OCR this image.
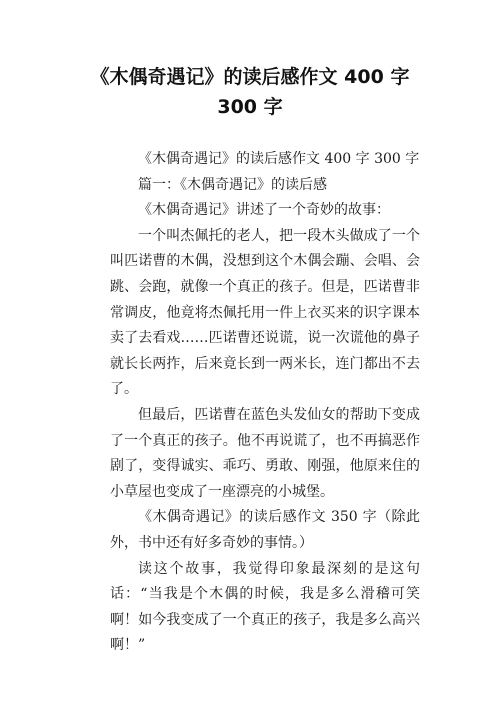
《木偶奇遇记》的读后感作文 400 字
300 字

《木偶奇遇记》的读后感作文 400 字 300 字

篇一：《木偶奇遇记》的读后感

《木偶奇遇记》讲述了一个奇妙的故事：

一个叫杰佩托的老人，把一段木头做成了一个叫匹诺曹的木偶，没想到这个木偶会蹦、会唱、会跳、会跑，就像一个真正的孩子。但是，匹诺曹非常调皮，他竟将杰佩托用一件上衣买来的识字课本卖了去看戏……匹诺曹还说谎，说一次谎他的鼻子就长长两拃，后来竟长到一两米长，连门都出不去了。

但最后，匹诺曹在蓝色头发仙女的帮助下变成了一个真正的孩子。他不再说谎了，也不再搞恶作剧了，变得诚实、乖巧、勇敢、刚强，他原来住的小草屋也变成了一座漂亮的小城堡。

《木偶奇遇记》的读后感作文 350 字（除此外，书中还有好多奇妙的事情。）

读这个故事，我觉得印象最深刻的是这句话：“当我是个木偶的时候，我是多么滑稽可笑啊！如今我变成了一个真正的孩子，我是多么高兴啊！”
